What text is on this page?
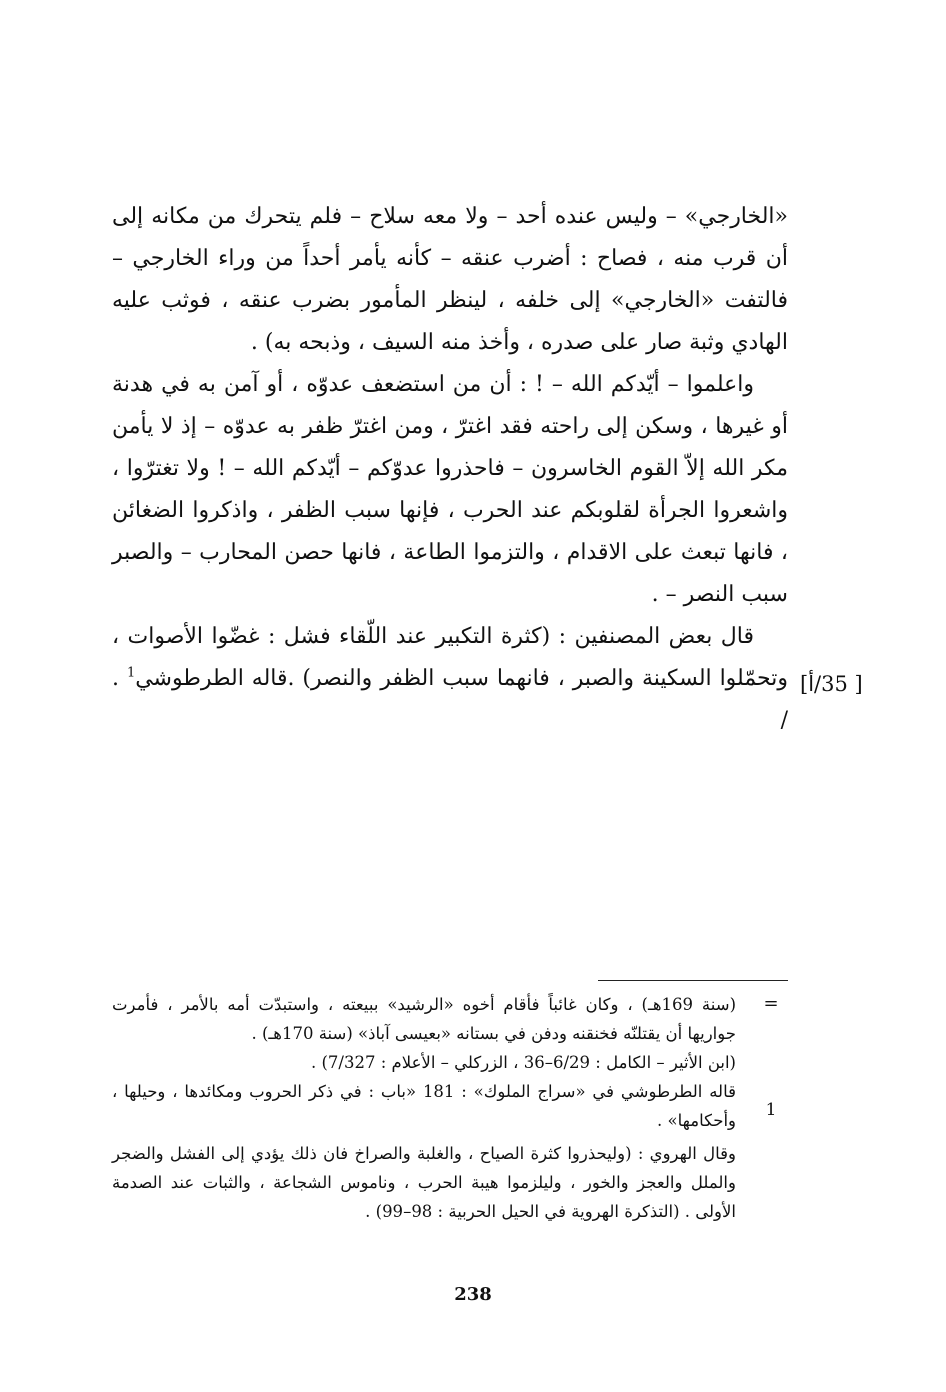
«الخارجي» – وليس عنده أحد – ولا معه سلاح – فلم يتحرك من مكانه إلى أن قرب منه ، فصاح : أضرب عنقه – كأنه يأمر أحداً من وراء الخارجي – فالتفت «الخارجي» إلى خلفه ، لينظر المأمور بضرب عنقه ، فوثب عليه الهادي وثبة صار على صدره ، وأخذ منه السيف ، وذبحه به) .

واعلموا – أيّدكم الله – ! : أن من استضعف عدوّه ، أو آمن به في هدنة أو غيرها ، وسكن إلى راحته فقد اغترّ ، ومن اغترّ ظفر به عدوّه – إذ لا يأمن مكر الله إلاّ القوم الخاسرون – فاحذروا عدوّكم – أيّدكم الله – ! ولا تغترّوا ، واشعروا الجرأة لقلوبكم عند الحرب ، فإنها سبب الظفر ، واذكروا الضغائن ، فانها تبعث على الاقدام ، والتزموا الطاعة ، فانها حصن المحارب – والصبر سبب النصر – .

قال بعض المصنفين : (كثرة التكبير عند اللّقاء فشل : غضّوا الأصوات ، وتحمّلوا السكينة والصبر ، فانهما سبب الظفر والنصر) .قاله الطرطوشي$^1$ . /

[ 35/أ]
=
1

(سنة 169هـ) ، وكان غائباً فأقام أخوه «الرشيد» ببيعته ، واستبدّت أمه بالأمر ، فأمرت جواريها أن يقتلنّه فخنقنه ودفن في بستانه «بعيسى آباذ» (سنة 170هـ) .

(ابن الأثير – الكامل : 6/29–36 ، الزركلي – الأعلام : 7/327) .

قاله الطرطوشي في «سراج الملوك» : 181 «باب : في ذكر الحروب ومكائدها ، وحيلها ، وأحكامها» .

وقال الهروي : (وليحذروا كثرة الصياح ، والغلبة والصراخ فان ذلك يؤدي إلى الفشل والضجر والملل والعجز والخور ، وليلزموا هيبة الحرب ، وناموس الشجاعة ، والثبات عند الصدمة الأولى . (التذكرة الهروية في الحيل الحربية : 98–99) .

238
